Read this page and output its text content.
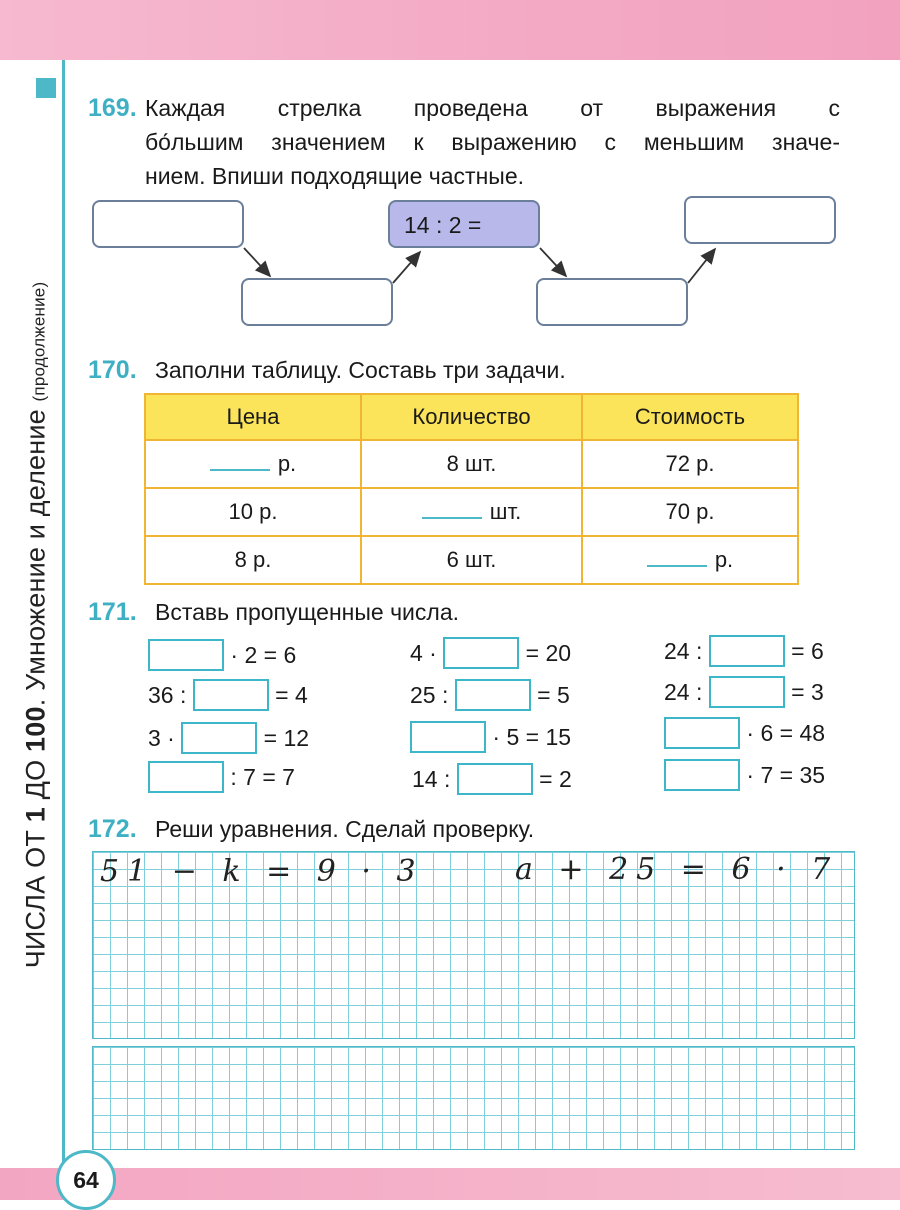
ЧИСЛА ОТ 1 ДО 100. Умножение и деление (продолжение)
64
169. Каждая стрелка проведена от выражения с
бо́льшим значением к выражению с меньшим значе-
нием. Впиши подходящие частные.
14 : 2 =
170. Заполни таблицу. Составь три задачи.
Цена	Количество	Стоимость
р.	8 шт.	72 р.
10 р.	шт.	70 р.
8 р.	6 шт.	р.
171. Вставь пропущенные числа.
· 2 = 6
36 :	= 4
3 ·	= 12
: 7 = 7
4 ·	= 20
25 :	= 5
· 5 = 15
14 :	= 2
24 :	= 6
24 :	= 3
· 6 = 48
· 7 = 35
172. Реши уравнения. Сделай проверку.
51 − k = 9 · 3	a + 25 = 6 · 7
